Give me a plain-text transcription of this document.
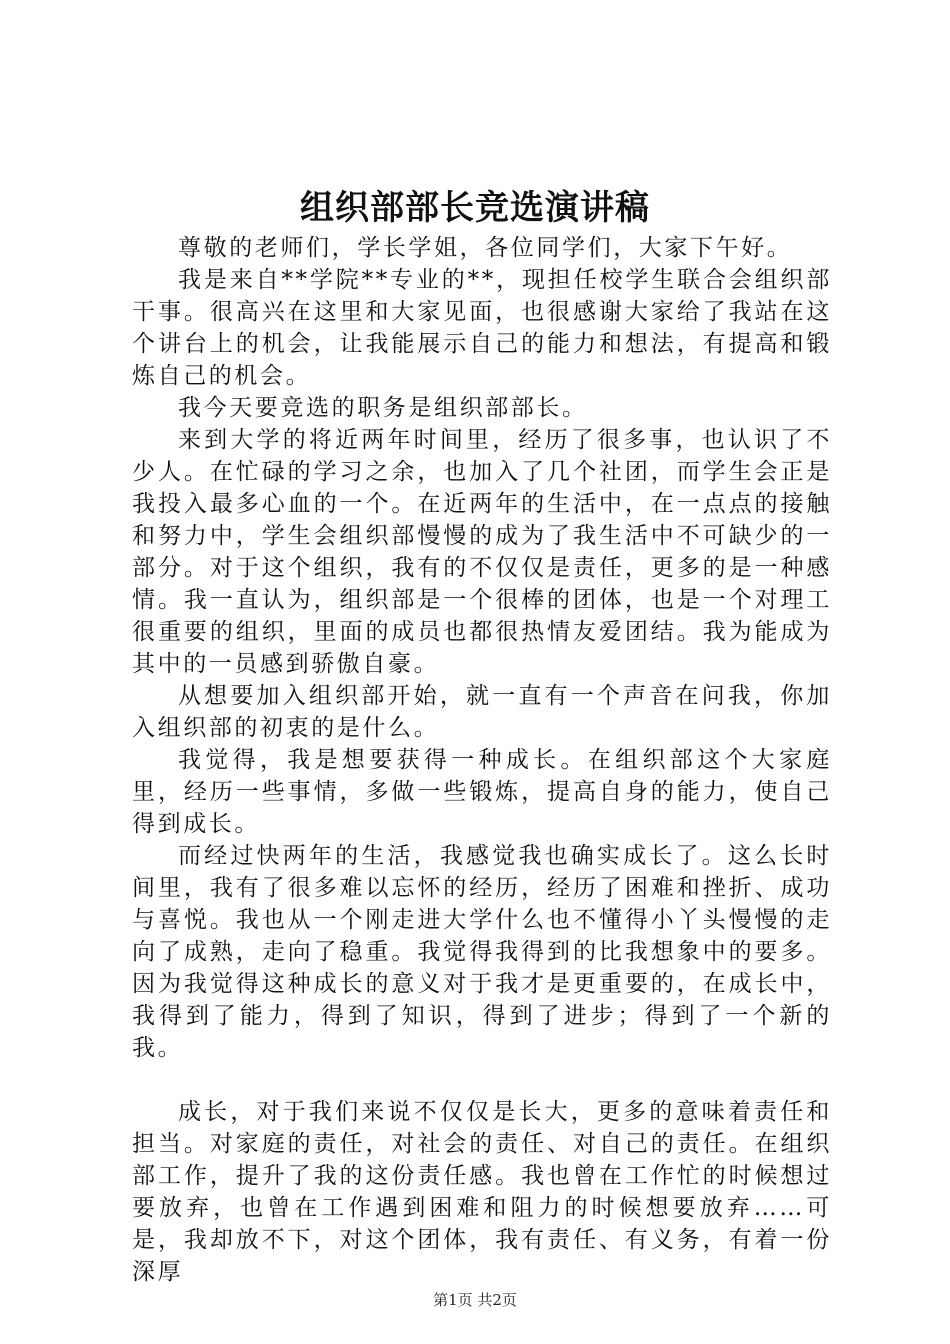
组织部部长竞选演讲稿

尊敬的老师们，学长学姐，各位同学们，大家下午好。

我是来自**学院**专业的**，现担任校学生联合会组织部干事。很高兴在这里和大家见面，也很感谢大家给了我站在这个讲台上的机会，让我能展示自己的能力和想法，有提高和锻炼自己的机会。

我今天要竞选的职务是组织部部长。

来到大学的将近两年时间里，经历了很多事，也认识了不少人。在忙碌的学习之余，也加入了几个社团，而学生会正是我投入最多心血的一个。在近两年的生活中，在一点点的接触和努力中，学生会组织部慢慢的成为了我生活中不可缺少的一部分。对于这个组织，我有的不仅仅是责任，更多的是一种感情。我一直认为，组织部是一个很棒的团体，也是一个对理工很重要的组织，里面的成员也都很热情友爱团结。我为能成为其中的一员感到骄傲自豪。

从想要加入组织部开始，就一直有一个声音在问我，你加入组织部的初衷的是什么。

我觉得，我是想要获得一种成长。在组织部这个大家庭里，经历一些事情，多做一些锻炼，提高自身的能力，使自己得到成长。

而经过快两年的生活，我感觉我也确实成长了。这么长时间里，我有了很多难以忘怀的经历，经历了困难和挫折、成功与喜悦。我也从一个刚走进大学什么也不懂得小丫头慢慢的走向了成熟，走向了稳重。我觉得我得到的比我想象中的要多。因为我觉得这种成长的意义对于我才是更重要的，在成长中，我得到了能力，得到了知识，得到了进步；得到了一个新的我。

成长，对于我们来说不仅仅是长大，更多的意味着责任和担当。对家庭的责任，对社会的责任、对自己的责任。在组织部工作，提升了我的这份责任感。我也曾在工作忙的时候想过要放弃，也曾在工作遇到困难和阻力的时候想要放弃……可是，我却放不下，对这个团体，我有责任、有义务，有着一份深厚

第1页 共2页
